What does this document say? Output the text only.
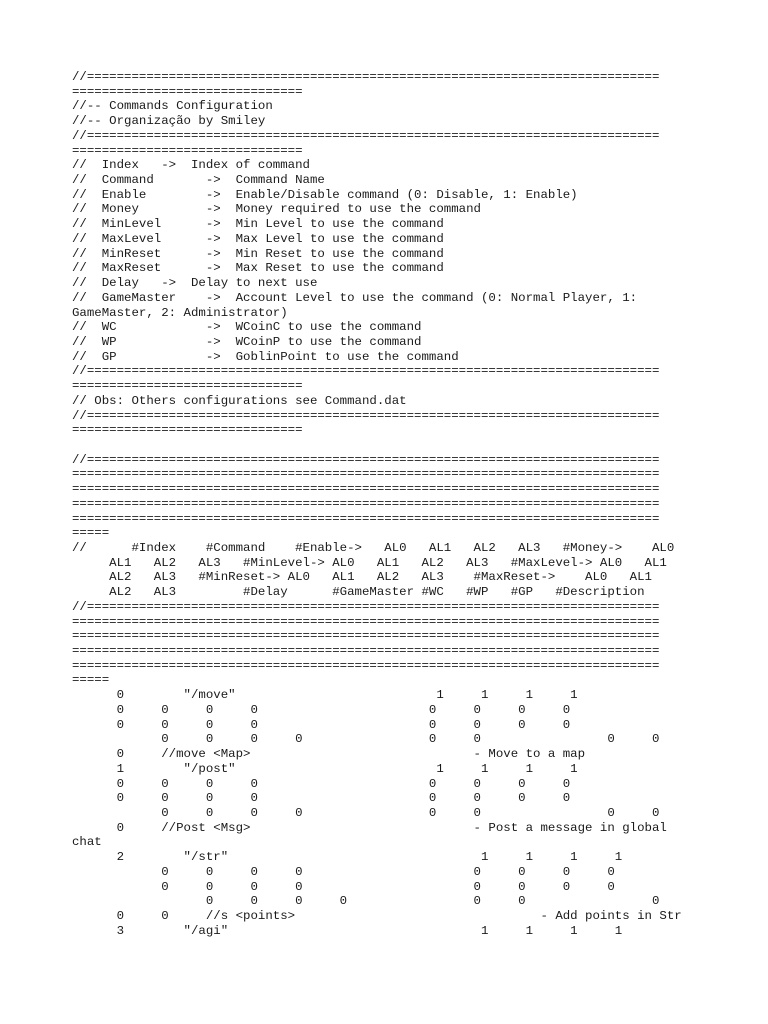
//=============================================================================
===============================
//-- Commands Configuration
//-- Organização by Smiley
//=============================================================================
===============================
//  Index   ->  Index of command
//  Command       ->  Command Name
//  Enable        ->  Enable/Disable command (0: Disable, 1: Enable)
//  Money         ->  Money required to use the command
//  MinLevel      ->  Min Level to use the command
//  MaxLevel      ->  Max Level to use the command
//  MinReset      ->  Min Reset to use the command
//  MaxReset      ->  Max Reset to use the command
//  Delay   ->  Delay to next use
//  GameMaster    ->  Account Level to use the command (0: Normal Player, 1:
GameMaster, 2: Administrator)
//  WC            ->  WCoinC to use the command
//  WP            ->  WCoinP to use the command
//  GP            ->  GoblinPoint to use the command
//=============================================================================
===============================
// Obs: Others configurations see Command.dat
//=============================================================================
===============================
//=============================================================================
===============================================================================
===============================================================================
===============================================================================
===============================================================================
=====
//      #Index    #Command    #Enable->   AL0   AL1   AL2   AL3   #Money->    AL0
AL1   AL2   AL3   #MinLevel-> AL0   AL1   AL2   AL3   #MaxLevel-> AL0   AL1
AL2   AL3   #MinReset-> AL0   AL1   AL2   AL3    #MaxReset->    AL0   AL1
AL2   AL3         #Delay      #GameMaster #WC   #WP   #GP   #Description
//=============================================================================
===============================================================================
===============================================================================
===============================================================================
===============================================================================
=====
0        "/move"                           1     1     1     1
0     0     0     0                       0     0     0     0
0     0     0     0                       0     0     0     0
0     0     0     0                 0     0                 0     0
0     //move <Map>                              - Move to a map
1        "/post"                           1     1     1     1
0     0     0     0                       0     0     0     0
0     0     0     0                       0     0     0     0
0     0     0     0                 0     0                 0     0
0     //Post <Msg>                              - Post a message in global
chat
2        "/str"                                  1     1     1     1
0     0     0     0                       0     0     0     0
0     0     0     0                       0     0     0     0
0     0     0     0                 0     0                 0
0     0     //s <points>                                 - Add points in Str
3        "/agi"                                  1     1     1     1
